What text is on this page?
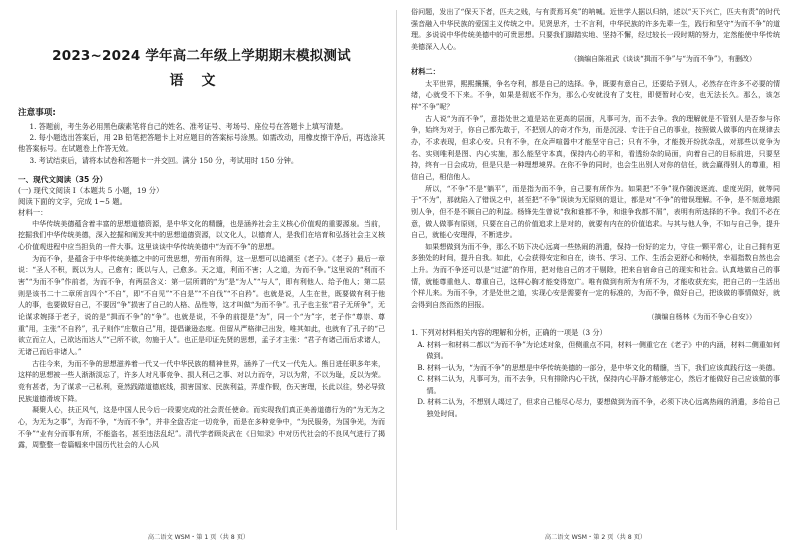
2023~2024 学年高二年级上学期期末模拟测试
语文
注意事项:

1. 答题前，考生务必用黑色碳素笔将自己的姓名、准考证号、考场号、座位号在答题卡上填写清楚。

2. 每小题选出答案后，用 2B 铅笔把答题卡上对应题目的答案标号涂黑。如需改动，用橡皮擦干净后，再选涂其他答案标号。在试题卷上作答无效。

3. 考试结束后，请将本试卷和答题卡一并交回。满分 150 分，考试用时 150 分钟。

一、现代文阅读（35 分）

(一) 现代文阅读 I（本题共 5 小题，19 分）

阅读下面的文字，完成 1~5 题。

材料一：

中华传统美德蕴含着丰富的思想道德资源，是中华文化的精髓，也是涵养社会主义核心价值观的重要源泉。当前，挖掘我们中华传统美德，深入挖掘和阐发其中的思想道德资源，以文化人，以德育人，是我们在培育和弘扬社会主义核心价值观进程中应当担负的一件大事。这里谈谈中华传统美德中“为而不争”的思想。

为而不争，是蕴含于中华传统美德之中的可贵思想，劳而有所得，这一思想可以追溯至《老子》。《老子》最后一章说：“圣人不积，既以为人，己愈有；既以与人，己愈多。天之道，利而不害；人之道，为而不争。”这里说的“利而不害”“为而不争”作前者，为而不争，有两层含义：第一层所谓的“为”是“为人”“与人”，即有利他人、给予他人；第二层则是该书二十二章所言四个“不自”，即“不自见”“不自是”“不自伐”“不自矜”。也就是说，人生在世，既要做有利于他人的事，也要做好自己，不要因“争”损害了自己的人格、品性等，这才叫做“为而不争”。孔子也主张“君子无所争”，无论谋求婉择于老子，说的是“揖而不争”的“争”。也就是说，不争的前提是“为”，同一个“为”字，老子作“尊崇、尊重”用，主张“不自矜”，孔子则作“庄敬自己”用，提倡谦逊态度。但留从严格律己出发，唯其如此，也就有了孔子的“己欲立而立人，己欲达而达人”“己所不欲，勿施于人”。也正是印证先贤的思想，孟子才主张：“君子有诸己而后求诸人，无诸己而后非诸人。”

古往今来，为而不争的思想滋养着一代又一代中华民族的精神世界，涵养了一代又一代先人。熊日进任职多年来，这样的思想被一些人渐渐淡忘了，许多人对凡事竞争、损人利己之事、对以力而夺，习以为常，不以为耻，反以为荣。竞有甚者，为了谋求一己私利，竟然践踏道德底线，损害国家、民族利益，弄虚作假，伤天害理，长此以往，势必导致民族道德滑坡下降。

凝聚人心，扶正风气，这是中国人民今后一段要完成的社会责任使命。而实现我们真正美善道德行为的“为无为之心，为无为之事”，为而不争，“为而不争”，并非全盘否定一切竞争，而是在多种竞争中，“为民服务，为国争光，为而不争”“业有分而事有所，不能盗名，甚至违法乱纪”。清代学者顾炎武在《日知录》中对历代社会的不良风气进行了揭露，周整整一卷篇幅来中国历代社会的人心风

高二语文 WSM・第 1 页（共 8 页）

俗问题，发出了“保天下者，匹夫之贱，与有责焉耳矣”的呐喊。近世学人据以归纳，述以“天下兴亡，匹夫有责”的时代强音融入中华民族的爱国主义传统之中。见贤思齐，士不言利，中华民族的许多先辈一生，践行和坚守“为而不争”的道理。多说说中华传统美德中的可贵思想。只要我们脚踏实地、坚持不懈，经过较长一段时期的努力，定然能使中华传统美德深入人心。

（摘编自陈祖武《谈谈“揖而不争”与“为而不争”》，有删改）

材料二：

太平世界，熙熙攘攘，争名夺利，都是自己的选择。争，既要有意自己，还要给予别人，必然存在许多不必要的情绪，心就受不下来。不争，如果是彻底不作为，那么心安就没有了支柱，即便暂时心安，也无法长久。那么，该怎样“不争”呢？

古人说“为而不争”，意指处世之道是站在更高的层面，凡事可为，而不去争。我的理解就是不管别人是否参与你争，始终为对于，你自己都先敢于，不把别人的奇才作为，而是沉浸、专注于自己的事业，按照做人做事的内在规律去办，不求表现，但求心安。只有不争，在众声喧嚣中才能坚守自己；只有不争，才能拨开纷扰杂乱，对那些以竞争为名、实则唯利是图、内心实施，那么能坚守本真，保持内心的平和，看透纷杂的局面，向着自己的目标前进，只要坚持，终有一日会成功，但是只是一种理想境界。在你不争的同时，也会生出别人对你的信任，就会赢得别人的尊重，相信自己，相信他人。

所以，“不争”不是“躺平”，而是指为而不争，自己要有所作为。如果把“不争”视作随波逐流、虚度光阴，就等同于“不为”，那就陷入了错误之中，甚至把“不争”误读为无原则的退让，都是对“不争”的错误理解。不争，是不刻意地跟别人争，但不是不顾自己的利益。杨锋先生曾说“我和谁都不争，和谁争我都不屑”，表明有所选择的不争。我们不必在意，做人做事有原则，只要在自己的价值追求上是对的，就要有内在的价值追求。与其与他人争，不如与自己争，提升自己，就能心安理得，不断进步。

如果想做到为而不争，那么不妨下决心远离一些热闹的消遣，保持一份好的定力，守住一颗平常心，让自己拥有更多独处的时间，提升自我。如此，心会获得安定和自在，读书、学习、工作、生活会更舒心和畅快，幸福指数自然也会上升。为而不争还可以是“过滤”的作用，把对他自己的才干剔除，把来自宿命自己的现实和社会。认真地做自己的事情，就能尊重他人、尊重自己，这样心胸才能变得宽广。唯有做到有所为有所不为，才能收获充实，把自己的一生活出个样儿来。为而不争，才是处世之道，实现心安是需要有一定的标准的，为而不争，做好自己，把该做的事情做好，就会得到自然而然的回报。

（摘编自杨林《为而不争心自安》）

1. 下列对材料相关内容的理解和分析，正确的一项是（3 分）

A. 材料一和材料二都以“为而不争”为论述对象，但侧重点不同，材料一侧重它在《老子》中的内涵，材料二侧重如何做到。

B. 材料一认为，“为而不争”的思想是中华传统美德的一部分，是中华文化的精髓，当下，我们应该真践行这一美德。

C. 材料二认为，凡事可为，而不去争，只有排除内心干扰，保持内心平静才能够定心，然后才能做好自己应该做的事情。

D. 材料二认为，不想别人竭过了，但求自己能尽心尽力，要想做到为而不争，必须下决心远离热闹的消遣，多给自己独处时间。

高二语文 WSM・第 2 页（共 8 页）
